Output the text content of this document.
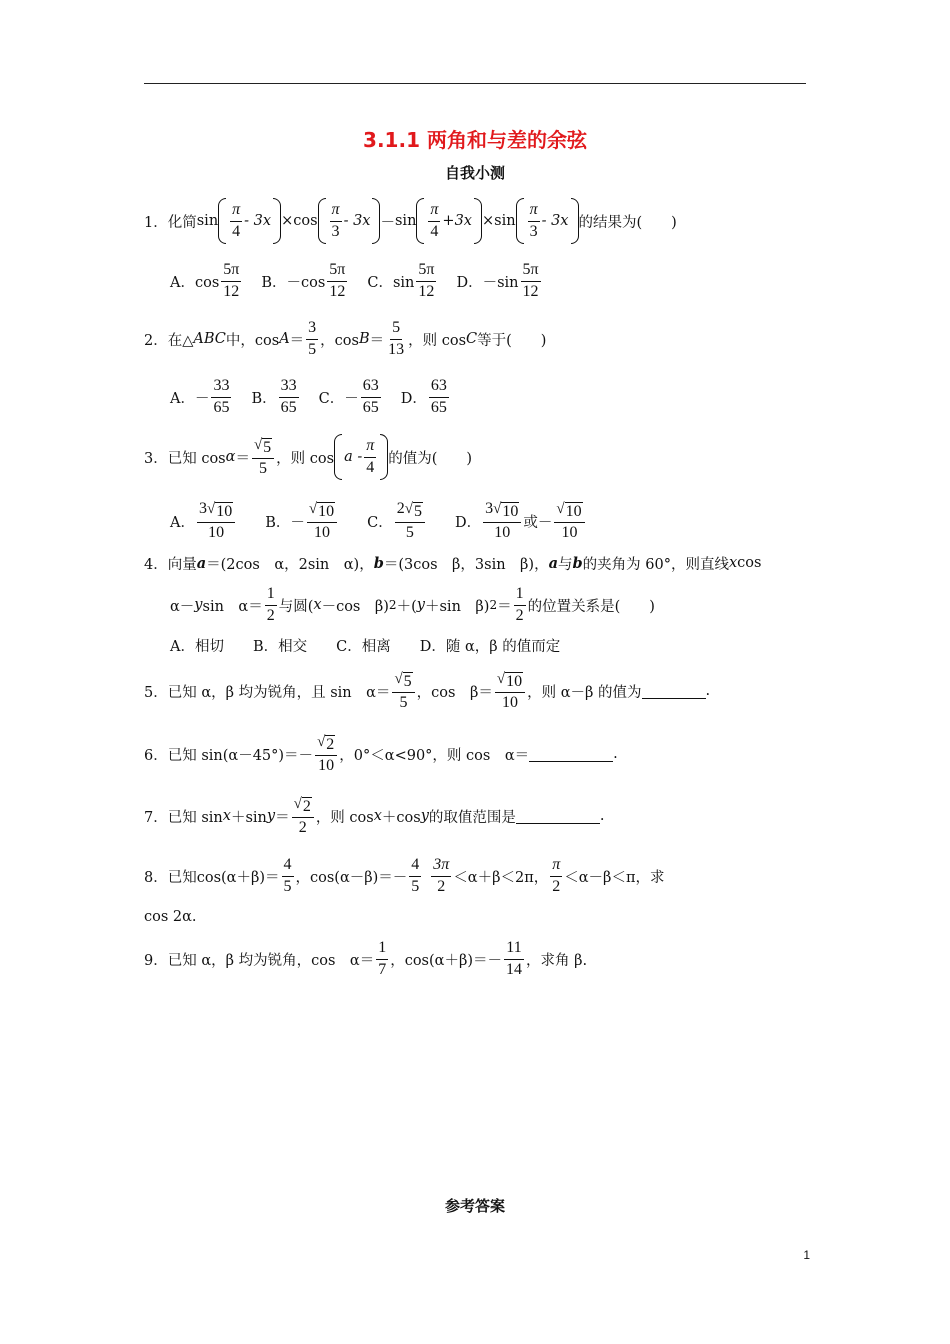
3.1.1 两角和与差的余弦
自我小测
1．化简 $\sin \frac{\pi}{4} - 3x \times \cos \frac{\pi}{3} - 3x - \sin \frac{\pi}{4} +3x \times \sin \frac{\pi}{3} - 3x$ 的结果为(　　)
A．$\cos \frac{5\pi}{12}$ B．$-\cos \frac{5\pi}{12}$ C．$\sin \frac{5\pi}{12}$ D．$-\sin \frac{5\pi}{12}$
2．在△ ABC 中，$\cos A = \frac{3}{5}$ ，$\cos B = \frac{5}{13}$ ，则 cos C 等于(　　)
A．－ $\frac{33}{65}$ B． $\frac{33}{65}$ C．－ $\frac{63}{65}$ D． $\frac{63}{65}$
3．已知 $\cos \alpha = \frac{√ 5}{5}$ ，则 cos a - $\frac{\pi}{4}$ 的值为(　　)
A． $\frac{3 √ 10}{10}$ B．－ $\frac{√ 10}{10}$ C． $\frac{2 √ 5}{5}$ D． $\frac{3 √ 10}{10}$ 或－ $\frac{√ 10}{10}$
4．向量 a ＝(2cos　α，2sin　α)， b ＝(3cos　β，3sin　β)， a 与 b 的夹角为 60°，则直线 x cos
α－ y sin　$\alpha= \frac{1}{2}$ 与圆( x －cos　β) 2 ＋( y ＋sin　β) $2 = \frac{1}{2}$ 的位置关系是(　　)
A．相切　　B．相交　　C．相离　　D．随 α，β 的值而定
5．已知 α，β 均为锐角，且 sin　$\alpha= \frac{√ 5}{5}$ ，cos　$\beta= \frac{√ 10}{10}$ ，则 α－β 的值为	.
6．已知 $\sin(\alpha-45^\circ)=- \frac{√ 2}{10}$ ，0°＜α<90°，则 cos　α＝	.
7．已知 sin x ＋sin $y = \frac{√ 2}{2}$ ，则 cos x ＋cos y 的取值范围是	.
8．已知$\cos(\alpha+\beta)= \frac{4}{5}$ ，$\cos(\alpha-\beta)=- \frac{4}{5} \frac{3\pi}{2} <\alpha+\beta<2\pi$， $\frac{\pi}{2} <\alpha-\beta<\pi$，求
cos 2α.
9．已知 α，β 均为锐角，cos　$\alpha= \frac{1}{7}$ ，$\cos(\alpha+\beta)=- \frac{11}{14}$ ，求角 β.
参考答案
1
